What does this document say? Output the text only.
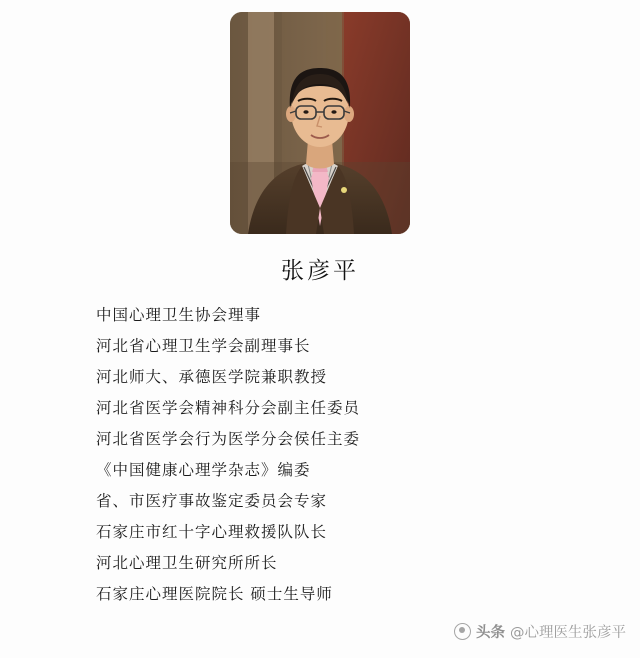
张彦平
中国心理卫生协会理事
河北省心理卫生学会副理事长
河北师大、承德医学院兼职教授
河北省医学会精神科分会副主任委员
河北省医学会行为医学分会侯任主委
《中国健康心理学杂志》编委
省、市医疗事故鉴定委员会专家
石家庄市红十字心理救援队队长
河北心理卫生研究所所长
石家庄心理医院院长 硕士生导师
头条 @心理医生张彦平
